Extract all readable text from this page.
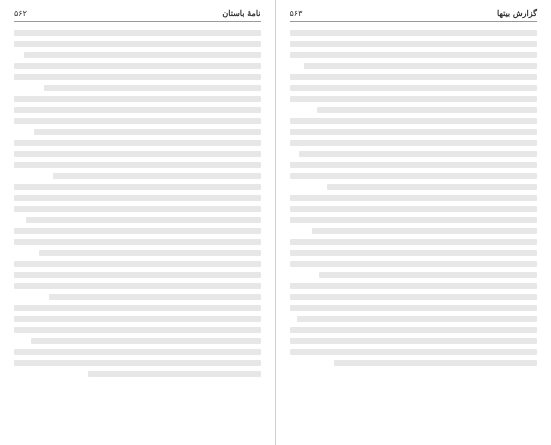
نامهٔ باستان
۵۶۲	گزارش بیتها
۵۶۳
